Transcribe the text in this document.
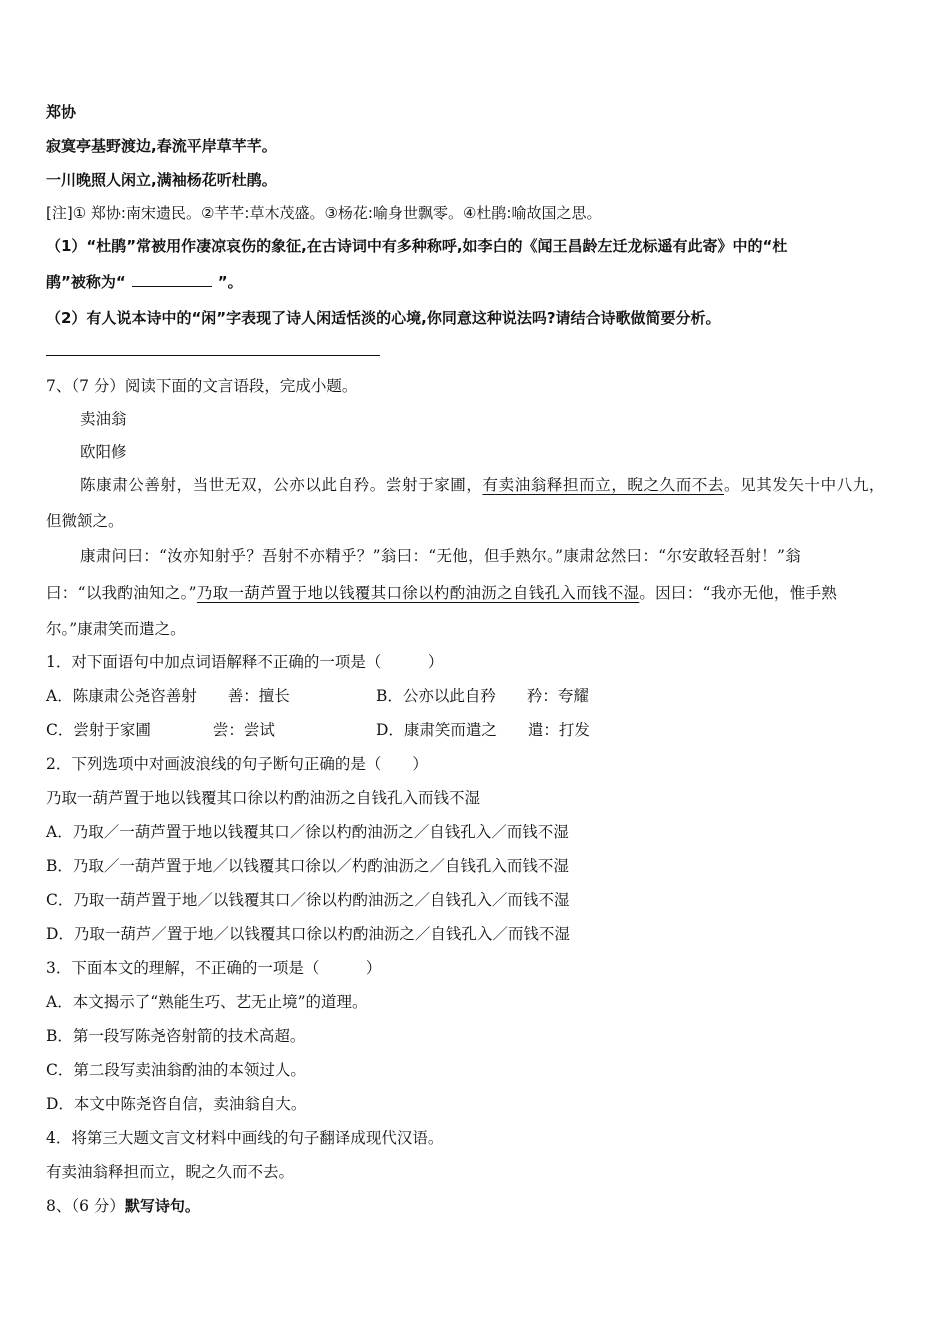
郑协
寂寞亭基野渡边,春流平岸草芊芊。
一川晚照人闲立,满袖杨花听杜鹃。
[注]① 郑协:南宋遗民。②芊芊:草木茂盛。③杨花:喻身世飘零。④杜鹃:喻故国之思。
（1）“杜鹃”常被用作凄凉哀伤的象征,在古诗词中有多种称呼,如李白的《闻王昌龄左迁龙标遥有此寄》中的“杜
鹃”被称为“	”。
（2）有人说本诗中的“闲”字表现了诗人闲适恬淡的心境,你同意这种说法吗?请结合诗歌做简要分析。
7、（7 分）阅读下面的文言语段，完成小题。
卖油翁
欧阳修
陈康肃公善射，当世无双，公亦以此自矜。尝射于家圃，有卖油翁释担而立，睨之久而不去。见其发矢十中八九，
但微颔之。
康肃问曰：“汝亦知射乎？吾射不亦精乎？”翁曰：“无他，但手熟尔。”康肃忿然曰：“尔安敢轻吾射！”翁
曰：“以我酌油知之。”乃取一葫芦置于地以钱覆其口徐以杓酌油沥之自钱孔入而钱不湿。因曰：“我亦无他，惟手熟
尔。”康肃笑而遣之。
1．对下面语句中加点词语解释不正确的一项是（　　　）
A．陈康肃公尧咨善射　　善：擅长	B．公亦以此自矜　　矜：夸耀
C．尝射于家圃　　　　尝：尝试	D．康肃笑而遣之　　遣：打发
2．下列选项中对画波浪线的句子断句正确的是（　　）
乃取一葫芦置于地以钱覆其口徐以杓酌油沥之自钱孔入而钱不湿
A．乃取／一葫芦置于地以钱覆其口／徐以杓酌油沥之／自钱孔入／而钱不湿
B．乃取／一葫芦置于地／以钱覆其口徐以／杓酌油沥之／自钱孔入而钱不湿
C．乃取一葫芦置于地／以钱覆其口／徐以杓酌油沥之／自钱孔入／而钱不湿
D．乃取一葫芦／置于地／以钱覆其口徐以杓酌油沥之／自钱孔入／而钱不湿
3．下面本文的理解，不正确的一项是（　　　）
A．本文揭示了“熟能生巧、艺无止境”的道理。
B．第一段写陈尧咨射箭的技术高超。
C．第二段写卖油翁酌油的本领过人。
D．本文中陈尧咨自信，卖油翁自大。
4．将第三大题文言文材料中画线的句子翻译成现代汉语。
有卖油翁释担而立，睨之久而不去。
8、（6 分）默写诗句。
